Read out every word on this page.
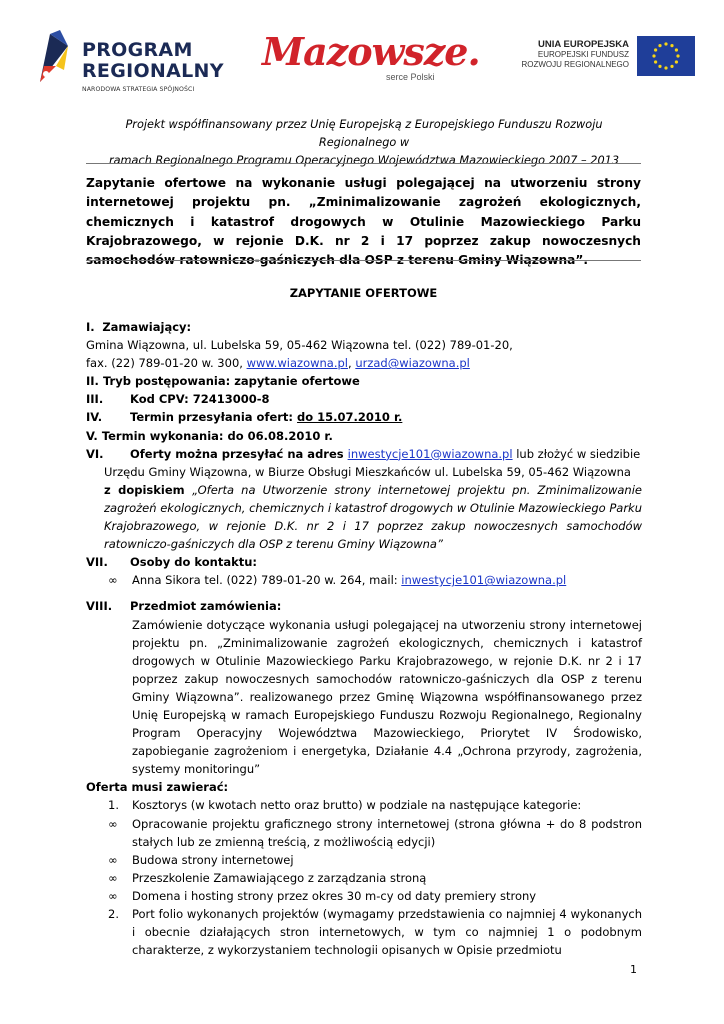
PROGRAM
REGIONALNY
NARODOWA STRATEGIA SPÓJNOŚCI
Mazowsze.
serce Polski
UNIA EUROPEJSKA
EUROPEJSKI FUNDUSZ
ROZWOJU REGIONALNEGO
Projekt współfinansowany przez Unię Europejską z Europejskiego Funduszu Rozwoju Regionalnego w
ramach Regionalnego Programu Operacyjnego Województwa Mazowieckiego 2007 – 2013
Zapytanie ofertowe na wykonanie usługi polegającej na utworzeniu strony internetowej projektu pn. „Zminimalizowanie zagrożeń ekologicznych, chemicznych i katastrof drogowych w Otulinie Mazowieckiego Parku Krajobrazowego, w rejonie D.K. nr 2 i 17 poprzez zakup nowoczesnych samochodów ratowniczo-gaśniczych dla OSP z terenu Gminy Wiązowna”.
ZAPYTANIE OFERTOWE

I. Zamawiający:

Gmina Wiązowna, ul. Lubelska 59, 05-462 Wiązowna tel. (022) 789-01-20,

fax. (22) 789-01-20 w. 300, www.wiazowna.pl, urzad@wiazowna.pl

II. Tryb postępowania: zapytanie ofertowe

III.	Kod CPV: 72413000-8
IV.	Termin przesyłania ofert: do 15.07.2010 r.

V. Termin wykonania: do 06.08.2010 r.

VI.	Oferty można przesyłać na adres inwestycje101@wiazowna.pl lub złożyć w siedzibie

Urzędu Gminy Wiązowna, w Biurze Obsługi Mieszkańców ul. Lubelska 59, 05-462 Wiązowna

z dopiskiem „Oferta na Utworzenie strony internetowej projektu pn. Zminimalizowanie zagrożeń ekologicznych, chemicznych i katastrof drogowych w Otulinie Mazowieckiego Parku Krajobrazowego, w rejonie D.K. nr 2 i 17 poprzez zakup nowoczesnych samochodów ratowniczo-gaśniczych dla OSP z terenu Gminy Wiązowna”

VII.	Osoby do kontaktu:
∞	Anna Sikora tel. (022) 789-01-20 w. 264, mail: inwestycje101@wiazowna.pl
VIII.	Przedmiot zamówienia:

Zamówienie dotyczące wykonania usługi polegającej na utworzeniu strony internetowej projektu pn. „Zminimalizowanie zagrożeń ekologicznych, chemicznych i katastrof drogowych w Otulinie Mazowieckiego Parku Krajobrazowego, w rejonie D.K. nr 2 i 17 poprzez zakup nowoczesnych samochodów ratowniczo-gaśniczych dla OSP z terenu Gminy Wiązowna”. realizowanego przez Gminę Wiązowna współfinansowanego przez Unię Europejską w ramach Europejskiego Funduszu Rozwoju Regionalnego, Regionalny Program Operacyjny Województwa Mazowieckiego, Priorytet IV Środowisko, zapobieganie zagrożeniom i energetyka, Działanie 4.4 „Ochrona przyrody, zagrożenia, systemy monitoringu”

Oferta musi zawierać:

1.	Kosztorys (w kwotach netto oraz brutto) w podziale na następujące kategorie:
∞	Opracowanie projektu graficznego strony internetowej (strona główna + do 8 podstron stałych lub ze zmienną treścią, z możliwością edycji)
∞	Budowa strony internetowej
∞	Przeszkolenie Zamawiającego z zarządzania stroną
∞	Domena i hosting strony przez okres 30 m-cy od daty premiery strony
2.	Port folio wykonanych projektów (wymagamy przedstawienia co najmniej 4 wykonanych i obecnie działających stron internetowych, w tym co najmniej 1 o podobnym charakterze, z wykorzystaniem technologii opisanych w Opisie przedmiotu
1
